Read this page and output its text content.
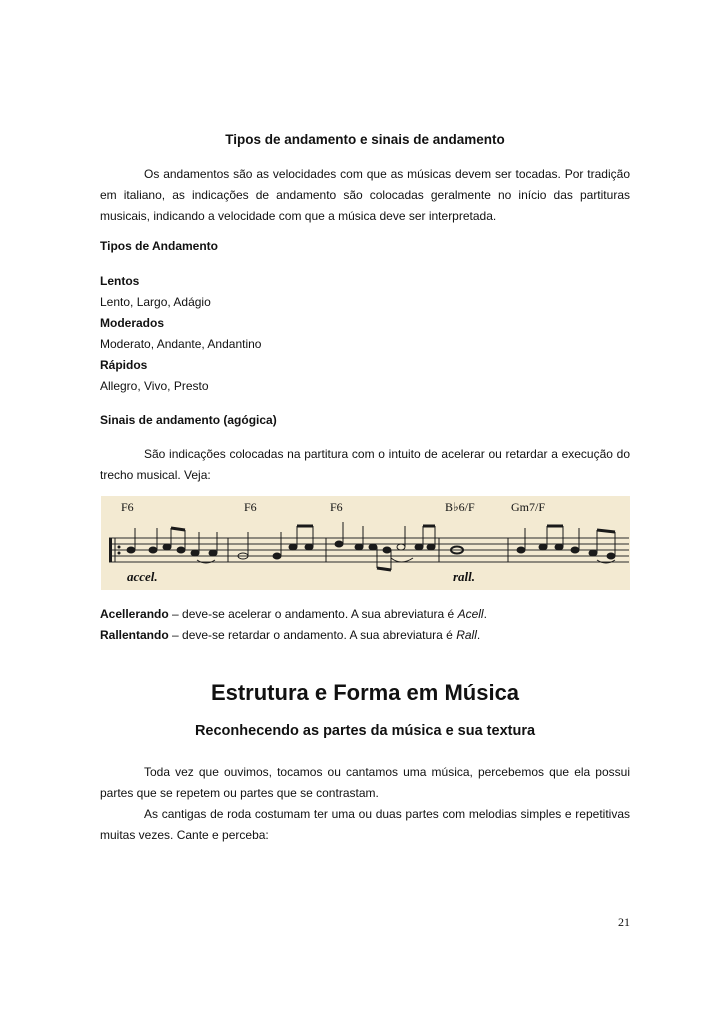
Tipos de andamento e sinais de andamento
Os andamentos são as velocidades com que as músicas devem ser tocadas. Por tradição em italiano, as indicações de andamento são colocadas geralmente no início das partituras musicais, indicando a velocidade com que a música deve ser interpretada.
Tipos de Andamento
Lentos
Lento, Largo, Adágio
Moderados
Moderato, Andante, Andantino
Rápidos
Allegro, Vivo, Presto
Sinais de andamento (agógica)
São indicações colocadas na partitura com o intuito de acelerar ou retardar a execução do trecho musical. Veja:
F6	F6	F6	B♭6/F	Gm7/F
accel.	rall.
Acellerando – deve-se acelerar o andamento. A sua abreviatura é Acell.
Rallentando – deve-se retardar o andamento. A sua abreviatura é Rall.
Estrutura e Forma em Música
Reconhecendo as partes da música e sua textura
Toda vez que ouvimos, tocamos ou cantamos uma música, percebemos que ela possui partes que se repetem ou partes que se contrastam.
As cantigas de roda costumam ter uma ou duas partes com melodias simples e repetitivas muitas vezes. Cante e perceba:
21
